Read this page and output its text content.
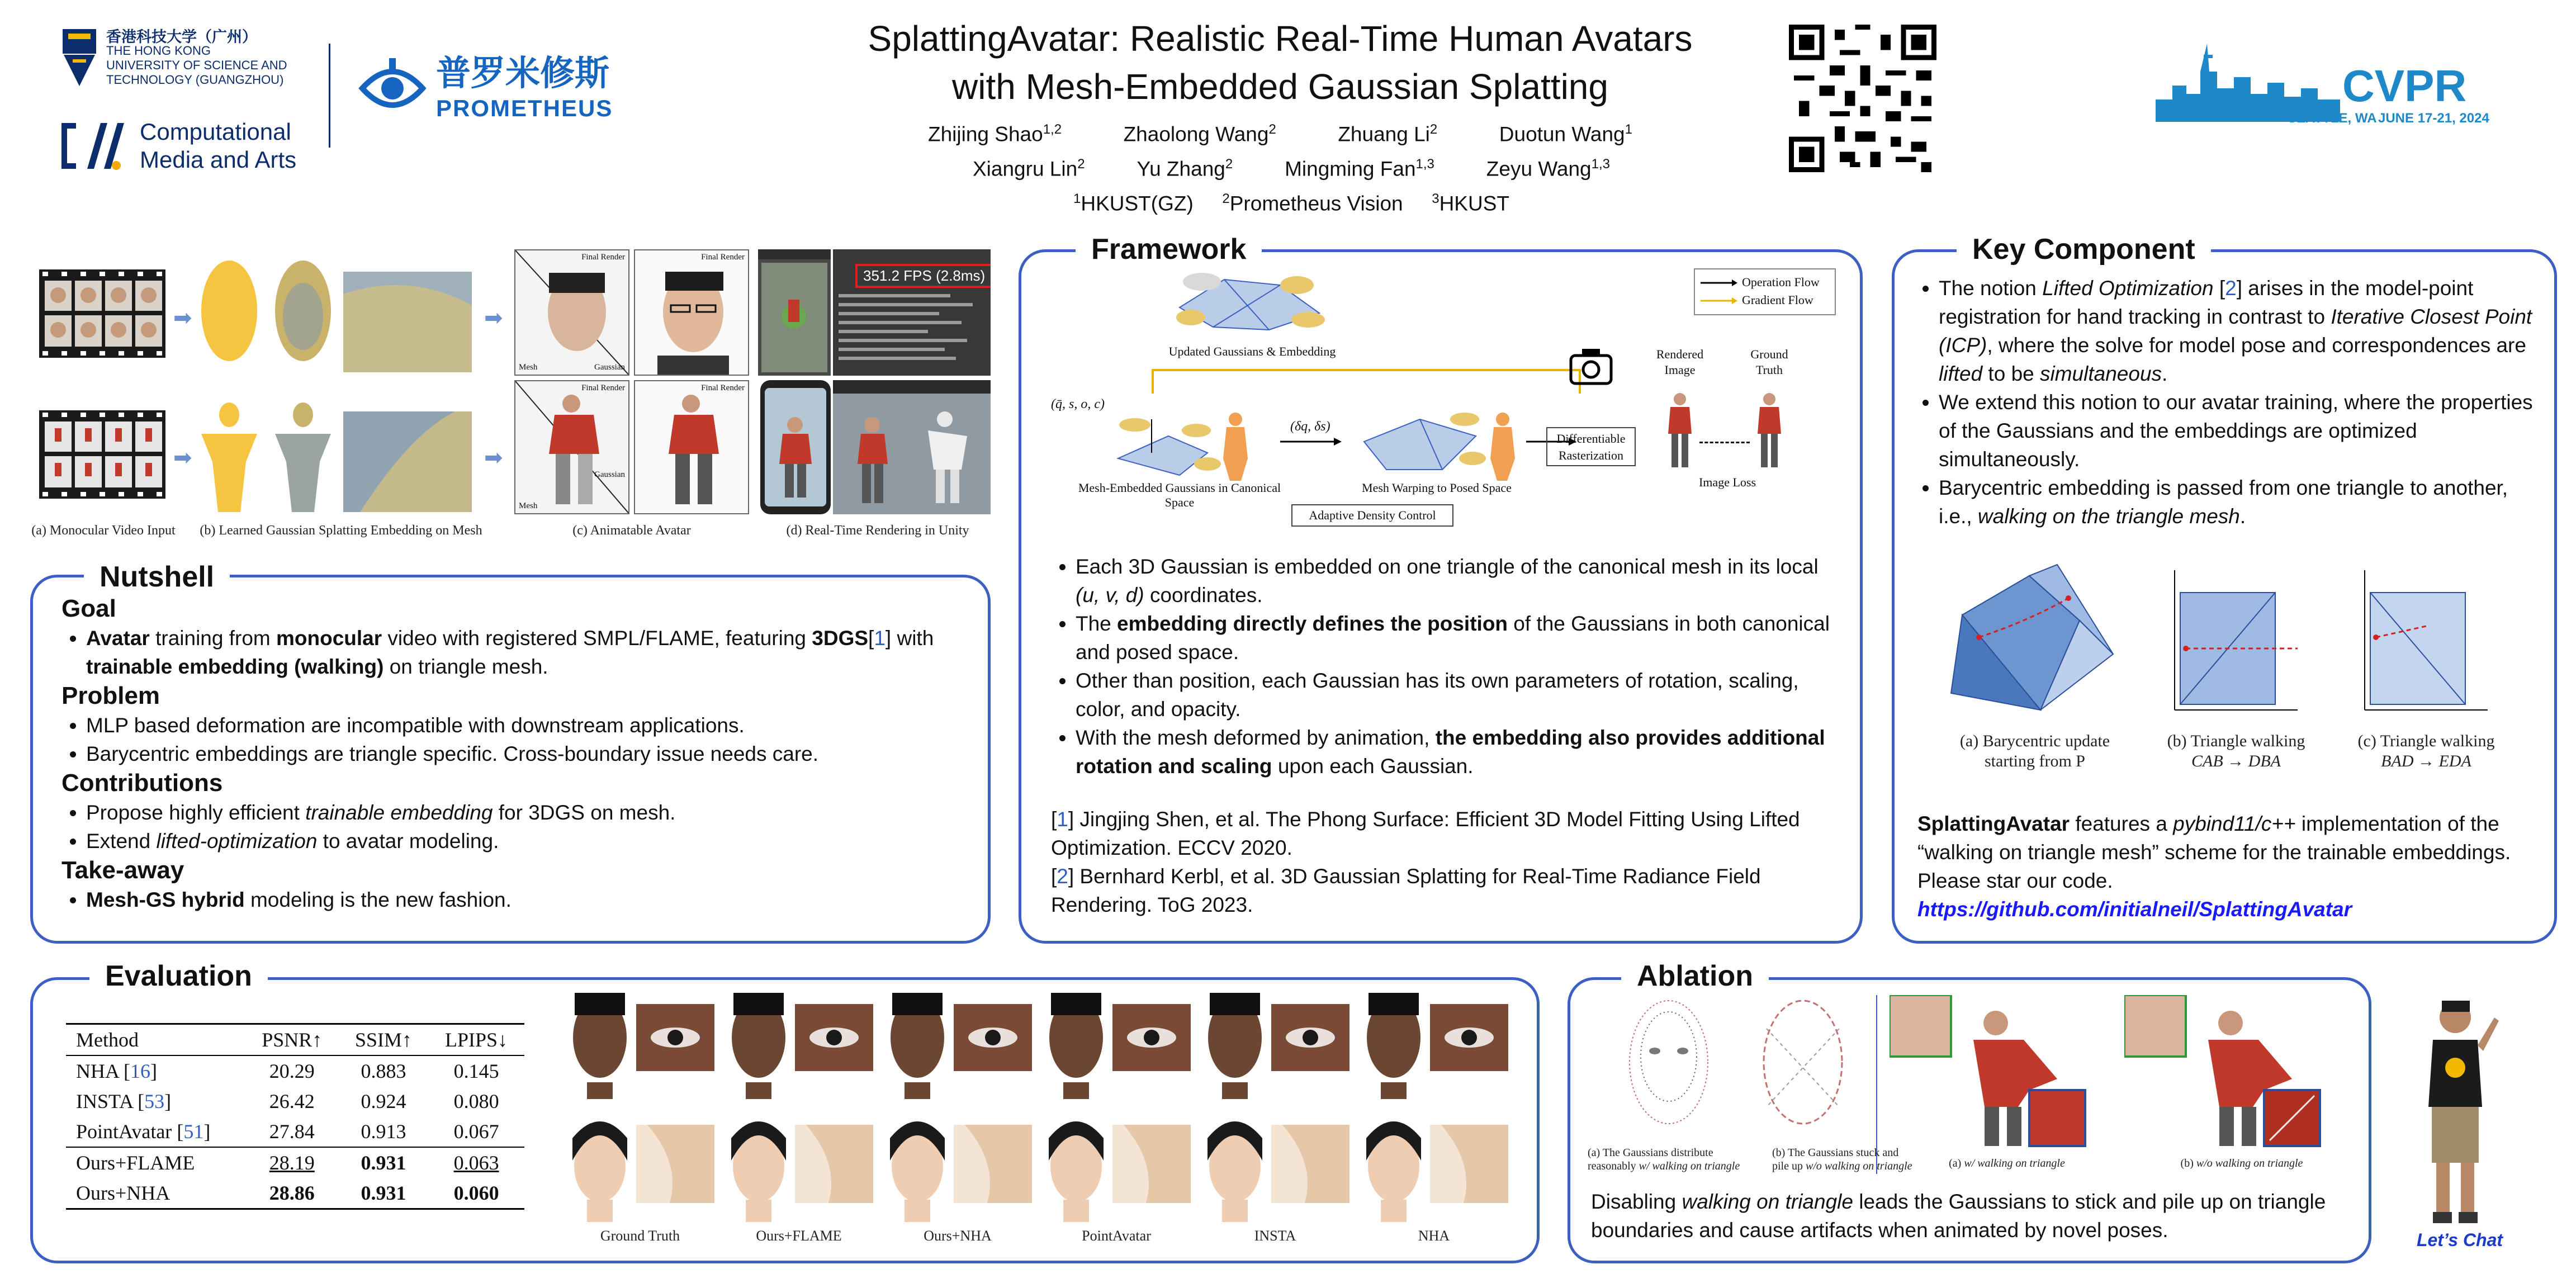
香港科技大学（广州）
THE HONG KONG
UNIVERSITY OF SCIENCE AND
TECHNOLOGY (GUANGZHOU)
Computational
Media and Arts
普罗米修斯
PROMETHEUS
SplattingAvatar: Realistic Real-Time Human Avatars
with Mesh-Embedded Gaussian Splatting
Zhijing Shao$^{1,2}$	Zhaolong Wang$^2$	Zhuang Li$^2$	Duotun Wang$^1$
Xiangru Lin$^2$	Yu Zhang$^2$	Mingming Fan$^{1,3}$	Zeyu Wang$^{1,3}$
$^1$HKUST(GZ) $^2$Prometheus Vision $^3$HKUST
CVPR
SEATTLE, WA JUNE 17-21, 2024
➡
➡
➡
➡
Final Render
Mesh	Gaussian
Final Render
Final Render
Mesh
Gaussian
Final Render
351.2 FPS (2.8ms)
(a) Monocular Video Input	(b) Learned Gaussian Splatting Embedding on Mesh	(c) Animatable Avatar	(d) Real-Time Rendering in Unity
Nutshell
Goal
• Avatar training from monocular video with registered SMPL/FLAME, featuring 3DGS[1] with trainable embedding (walking) on triangle mesh.
Problem
• MLP based deformation are incompatible with downstream applications.
• Barycentric embeddings are triangle specific. Cross-boundary issue needs care.
Contributions
• Propose highly efficient trainable embedding for 3DGS on mesh.
• Extend lifted-optimization to avatar modeling.
Take-away
• Mesh-GS hybrid modeling is the new fashion.
Framework
Operation Flow
Gradient Flow
Updated Gaussians & Embedding
(q̄, s, o, c)
Mesh-Embedded Gaussians in Canonical Space
(δq, δs)
Mesh Warping to Posed Space
Differentiable
Rasterization
Rendered
Image
Ground
Truth
Image Loss
Adaptive Density Control
• Each 3D Gaussian is embedded on one triangle of the canonical mesh in its local (u, v, d) coordinates.
• The embedding directly defines the position of the Gaussians in both canonical and posed space.
• Other than position, each Gaussian has its own parameters of rotation, scaling, color, and opacity.
• With the mesh deformed by animation, the embedding also provides additional rotation and scaling upon each Gaussian.
[1] Jingjing Shen, et al. The Phong Surface: Efficient 3D Model Fitting Using Lifted Optimization. ECCV 2020.
[2] Bernhard Kerbl, et al. 3D Gaussian Splatting for Real-Time Radiance Field Rendering. ToG 2023.
Key Component
• The notion Lifted Optimization [2] arises in the model-point registration for hand tracking in contrast to Iterative Closest Point (ICP), where the solve for model pose and correspondences are lifted to be simultaneous.
• We extend this notion to our avatar training, where the properties of the Gaussians and the embeddings are optimized simultaneously.
• Barycentric embedding is passed from one triangle to another, i.e., walking on the triangle mesh.
(a) Barycentric update
starting from P
(b) Triangle walking
CAB → DBA
(c) Triangle walking
BAD → EDA
SplattingAvatar features a pybind11/c++ implementation of the “walking on triangle mesh” scheme for the trainable embeddings. Please star our code.
https://github.com/initialneil/SplattingAvatar
Evaluation
Method	PSNR↑	SSIM↑	LPIPS↓
NHA [16]	20.29	0.883	0.145
INSTA [53]	26.42	0.924	0.080
PointAvatar [51]	27.84	0.913	0.067
Ours+FLAME	28.19	0.931	0.063
Ours+NHA	28.86	0.931	0.060
Ground Truth	Ours+FLAME	Ours+NHA	PointAvatar	INSTA	NHA
Ablation
(a) The Gaussians distribute
reasonably w/ walking on triangle
(b) The Gaussians stuck and
pile up w/o walking on triangle	(a) w/ walking on triangle	(b) w/o walking on triangle
Disabling walking on triangle leads the Gaussians to stick and pile up on triangle boundaries and cause artifacts when animated by novel poses.	Let’s Chat
